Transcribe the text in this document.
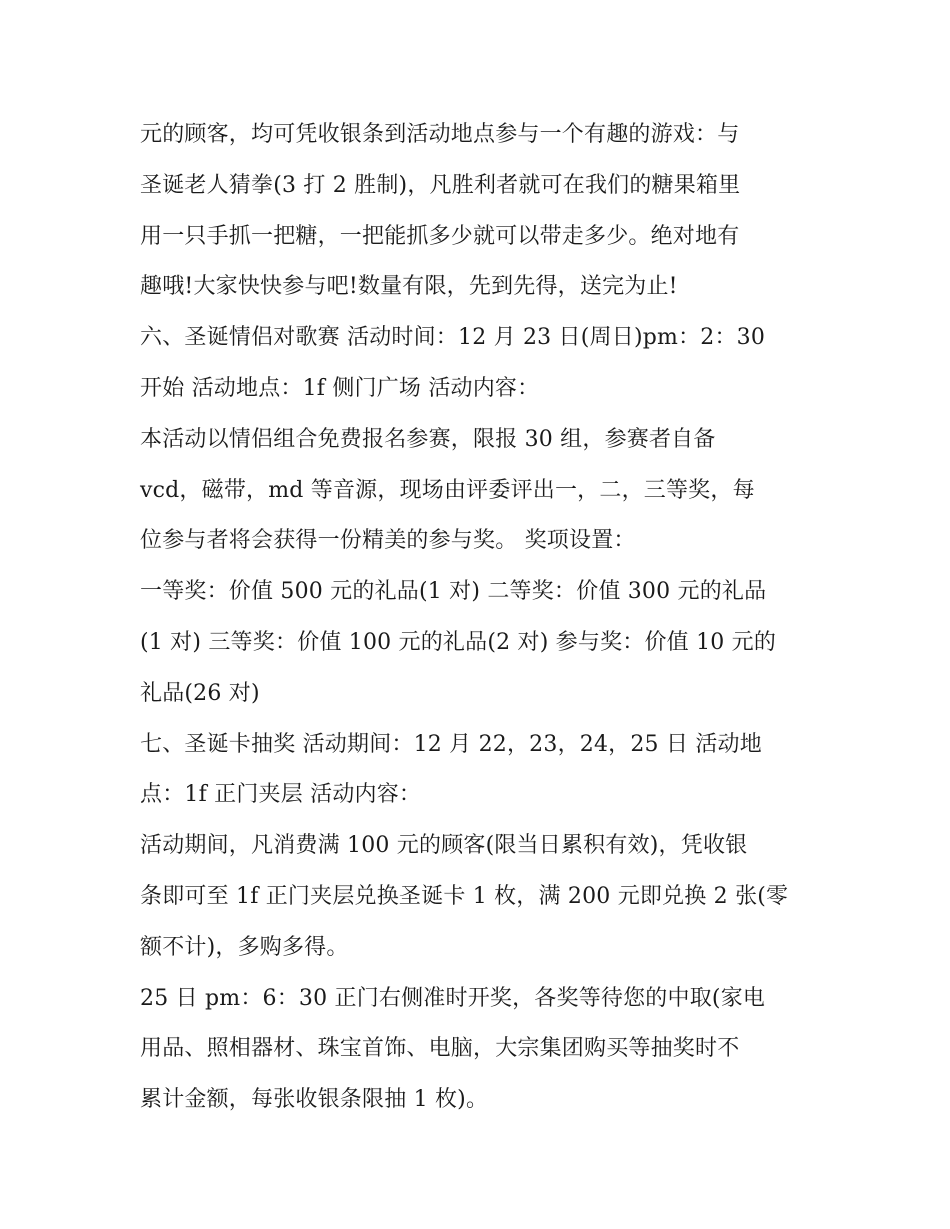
元的顾客，均可凭收银条到活动地点参与一个有趣的游戏：与
圣诞老人猜拳(3 打 2 胜制)，凡胜利者就可在我们的糖果箱里
用一只手抓一把糖，一把能抓多少就可以带走多少。绝对地有
趣哦!大家快快参与吧!数量有限，先到先得，送完为止!
六、圣诞情侣对歌赛 活动时间：12 月 23 日(周日)pm：2：30
开始 活动地点：1f 侧门广场 活动内容：
本活动以情侣组合免费报名参赛，限报 30 组，参赛者自备
vcd，磁带，md 等音源，现场由评委评出一，二，三等奖，每
位参与者将会获得一份精美的参与奖。 奖项设置：
一等奖：价值 500 元的礼品(1 对) 二等奖：价值 300 元的礼品
(1 对) 三等奖：价值 100 元的礼品(2 对) 参与奖：价值 10 元的
礼品(26 对)
七、圣诞卡抽奖 活动期间：12 月 22，23，24，25 日 活动地
点：1f 正门夹层 活动内容：
活动期间，凡消费满 100 元的顾客(限当日累积有效)，凭收银
条即可至 1f 正门夹层兑换圣诞卡 1 枚，满 200 元即兑换 2 张(零
额不计)，多购多得。
25 日 pm：6：30 正门右侧准时开奖，各奖等待您的中取(家电
用品、照相器材、珠宝首饰、电脑，大宗集团购买等抽奖时不
累计金额，每张收银条限抽 1 枚)。
